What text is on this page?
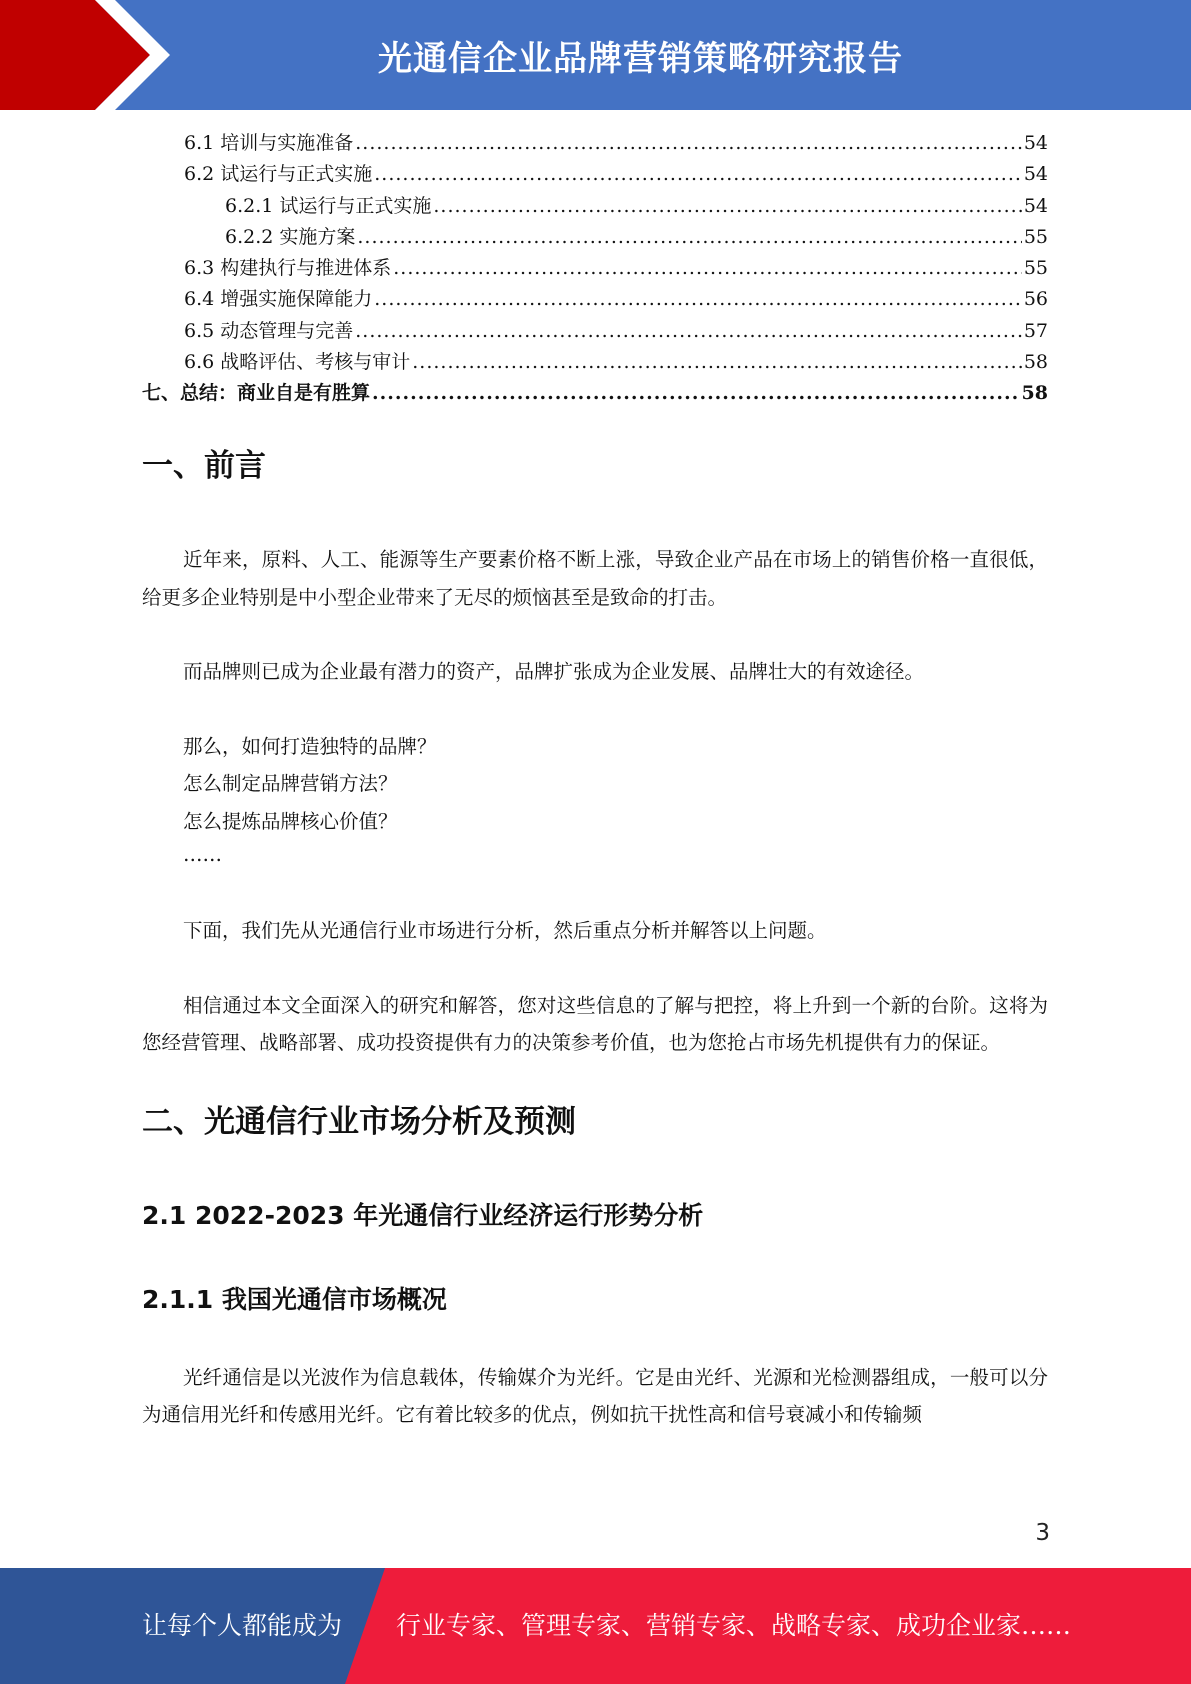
光通信企业品牌营销策略研究报告
6.1 培训与实施准备 .....	54
6.2 试运行与正式实施 .....	54
6.2.1 试运行与正式实施 .....	54
6.2.2 实施方案 .....	55
6.3 构建执行与推进体系 .....	55
6.4 增强实施保障能力 .....	56
6.5 动态管理与完善 .....	57
6.6 战略评估、考核与审计 .....	58
七、总结：商业自是有胜算 .....	58
一、前言

近年来，原料、人工、能源等生产要素价格不断上涨，导致企业产品在市场上的销售价格一直很低，给更多企业特别是中小型企业带来了无尽的烦恼甚至是致命的打击。

而品牌则已成为企业最有潜力的资产，品牌扩张成为企业发展、品牌壮大的有效途径。

那么，如何打造独特的品牌？

怎么制定品牌营销方法？

怎么提炼品牌核心价值？

……

下面，我们先从光通信行业市场进行分析，然后重点分析并解答以上问题。

相信通过本文全面深入的研究和解答，您对这些信息的了解与把控，将上升到一个新的台阶。这将为您经营管理、战略部署、成功投资提供有力的决策参考价值，也为您抢占市场先机提供有力的保证。

二、光通信行业市场分析及预测
2.1 2022-2023 年光通信行业经济运行形势分析
2.1.1 我国光通信市场概况

光纤通信是以光波作为信息载体，传输媒介为光纤。它是由光纤、光源和光检测器组成，一般可以分为通信用光纤和传感用光纤。它有着比较多的优点，例如抗干扰性高和信号衰减小和传输频

3
让每个人都能成为 行业专家、管理专家、营销专家、战略专家、成功企业家……
